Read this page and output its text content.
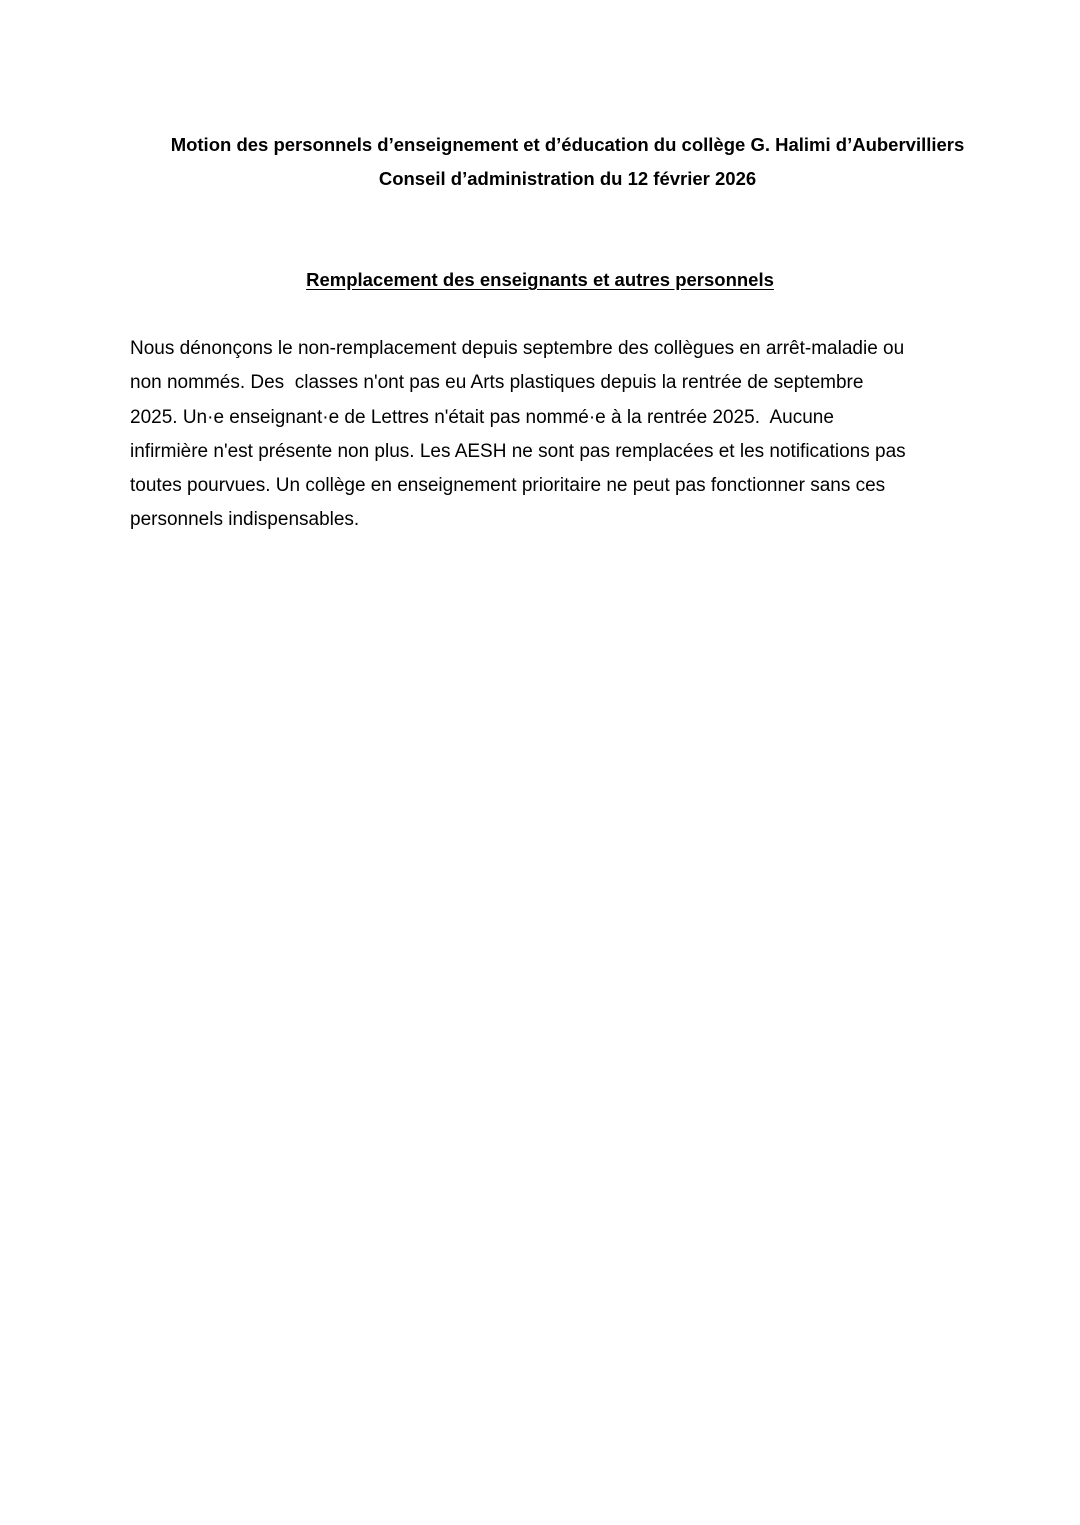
Motion des personnels d’enseignement et d’éducation du collège G. Halimi d’Aubervilliers
Conseil d’administration du 12 février 2026
Remplacement des enseignants et autres personnels
Nous dénonçons le non-remplacement depuis septembre des collègues en arrêt-maladie ou
non nommés. Des  classes n'ont pas eu Arts plastiques depuis la rentrée de septembre
2025. Un·e enseignant·e de Lettres n'était pas nommé·e à la rentrée 2025.  Aucune
infirmière n'est présente non plus. Les AESH ne sont pas remplacées et les notifications pas
toutes pourvues. Un collège en enseignement prioritaire ne peut pas fonctionner sans ces
personnels indispensables.
